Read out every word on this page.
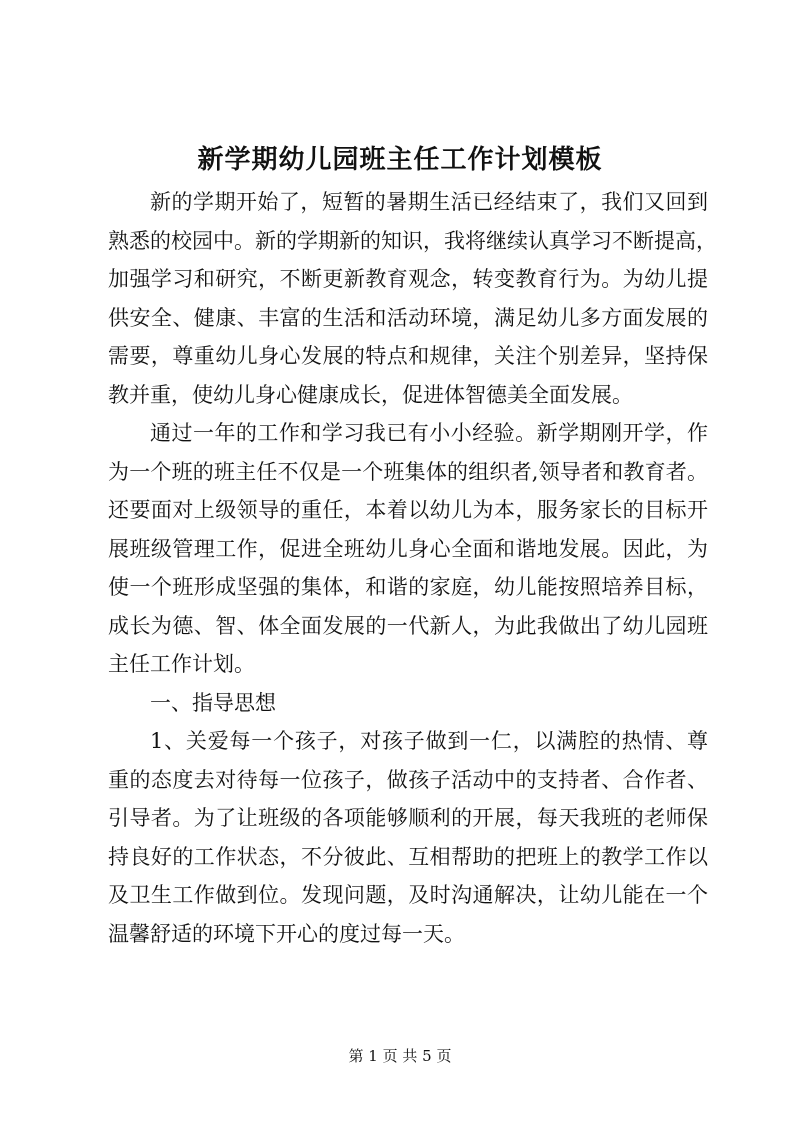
新学期幼儿园班主任工作计划模板
新的学期开始了，短暂的暑期生活已经结束了，我们又回到
熟悉的校园中。新的学期新的知识，我将继续认真学习不断提高，
加强学习和研究，不断更新教育观念，转变教育行为。为幼儿提
供安全、健康、丰富的生活和活动环境，满足幼儿多方面发展的
需要，尊重幼儿身心发展的特点和规律，关注个别差异，坚持保
教并重，使幼儿身心健康成长，促进体智德美全面发展。
通过一年的工作和学习我已有小小经验。新学期刚开学，作
为一个班的班主任不仅是一个班集体的组织者,领导者和教育者。
还要面对上级领导的重任，本着以幼儿为本，服务家长的目标开
展班级管理工作，促进全班幼儿身心全面和谐地发展。因此，为
使一个班形成坚强的集体，和谐的家庭，幼儿能按照培养目标，
成长为德、智、体全面发展的一代新人，为此我做出了幼儿园班
主任工作计划。
一、指导思想
1、关爱每一个孩子，对孩子做到一仁，以满腔的热情、尊
重的态度去对待每一位孩子，做孩子活动中的支持者、合作者、
引导者。为了让班级的各项能够顺利的开展，每天我班的老师保
持良好的工作状态，不分彼此、互相帮助的把班上的教学工作以
及卫生工作做到位。发现问题，及时沟通解决，让幼儿能在一个
温馨舒适的环境下开心的度过每一天。
第 1 页 共 5 页
